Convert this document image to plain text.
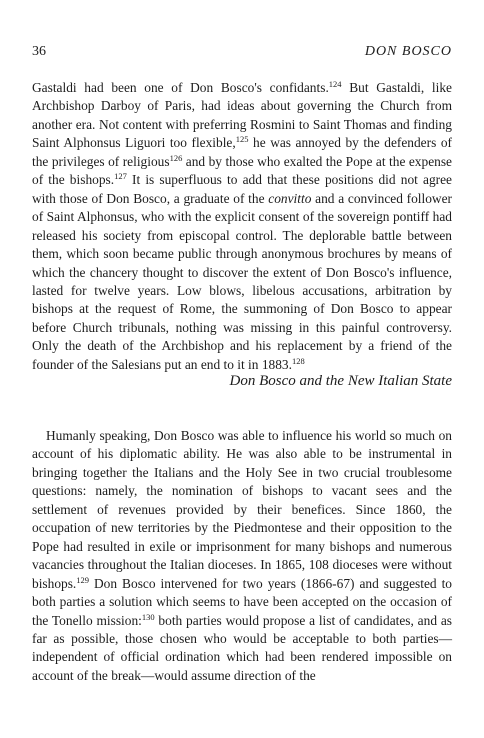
36	DON BOSCO

Gastaldi had been one of Don Bosco's confidants.$^{124}$ But Gastaldi, like Archbishop Darboy of Paris, had ideas about governing the Church from another era. Not content with preferring Rosmini to Saint Thomas and finding Saint Alphonsus Liguori too flexible,$^{125}$ he was annoyed by the defenders of the privileges of religious$^{126}$ and by those who exalted the Pope at the expense of the bishops.$^{127}$ It is superfluous to add that these positions did not agree with those of Don Bosco, a graduate of the convitto and a convinced follower of Saint Alphonsus, who with the explicit consent of the sovereign pontiff had released his society from episcopal control. The deplorable battle between them, which soon became public through anonymous brochures by means of which the chancery thought to discover the extent of Don Bosco's influence, lasted for twelve years. Low blows, libelous accusations, arbitration by bishops at the request of Rome, the summoning of Don Bosco to appear before Church tribunals, nothing was missing in this painful controversy. Only the death of the Archbishop and his replacement by a friend of the founder of the Salesians put an end to it in 1883.$^{128}$

Don Bosco and the New Italian State

Humanly speaking, Don Bosco was able to influence his world so much on account of his diplomatic ability. He was also able to be instrumental in bringing together the Italians and the Holy See in two crucial troublesome questions: namely, the nomination of bishops to vacant sees and the settlement of revenues provided by their benefices. Since 1860, the occupation of new territories by the Piedmontese and their opposition to the Pope had resulted in exile or imprisonment for many bishops and numerous vacancies throughout the Italian dioceses. In 1865, 108 dioceses were without bishops.$^{129}$ Don Bosco intervened for two years (1866-67) and suggested to both parties a solution which seems to have been accepted on the occasion of the Tonello mission:$^{130}$ both parties would propose a list of candidates, and as far as possible, those chosen who would be acceptable to both parties—independent of official ordination which had been rendered impossible on account of the break—would assume direction of the
